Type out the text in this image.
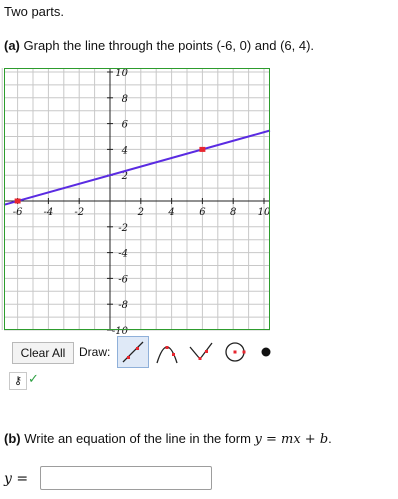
Two parts.
(a) Graph the line through the points (-6, 0) and (6, 4).
-6 -4 -2	2 4 6 8 10
10
8
6
4
2
-2
-4
-6
-8
-10
Clear All	Draw:
⚷ ✓
(b) Write an equation of the line in the form y = mx + b.
y =
